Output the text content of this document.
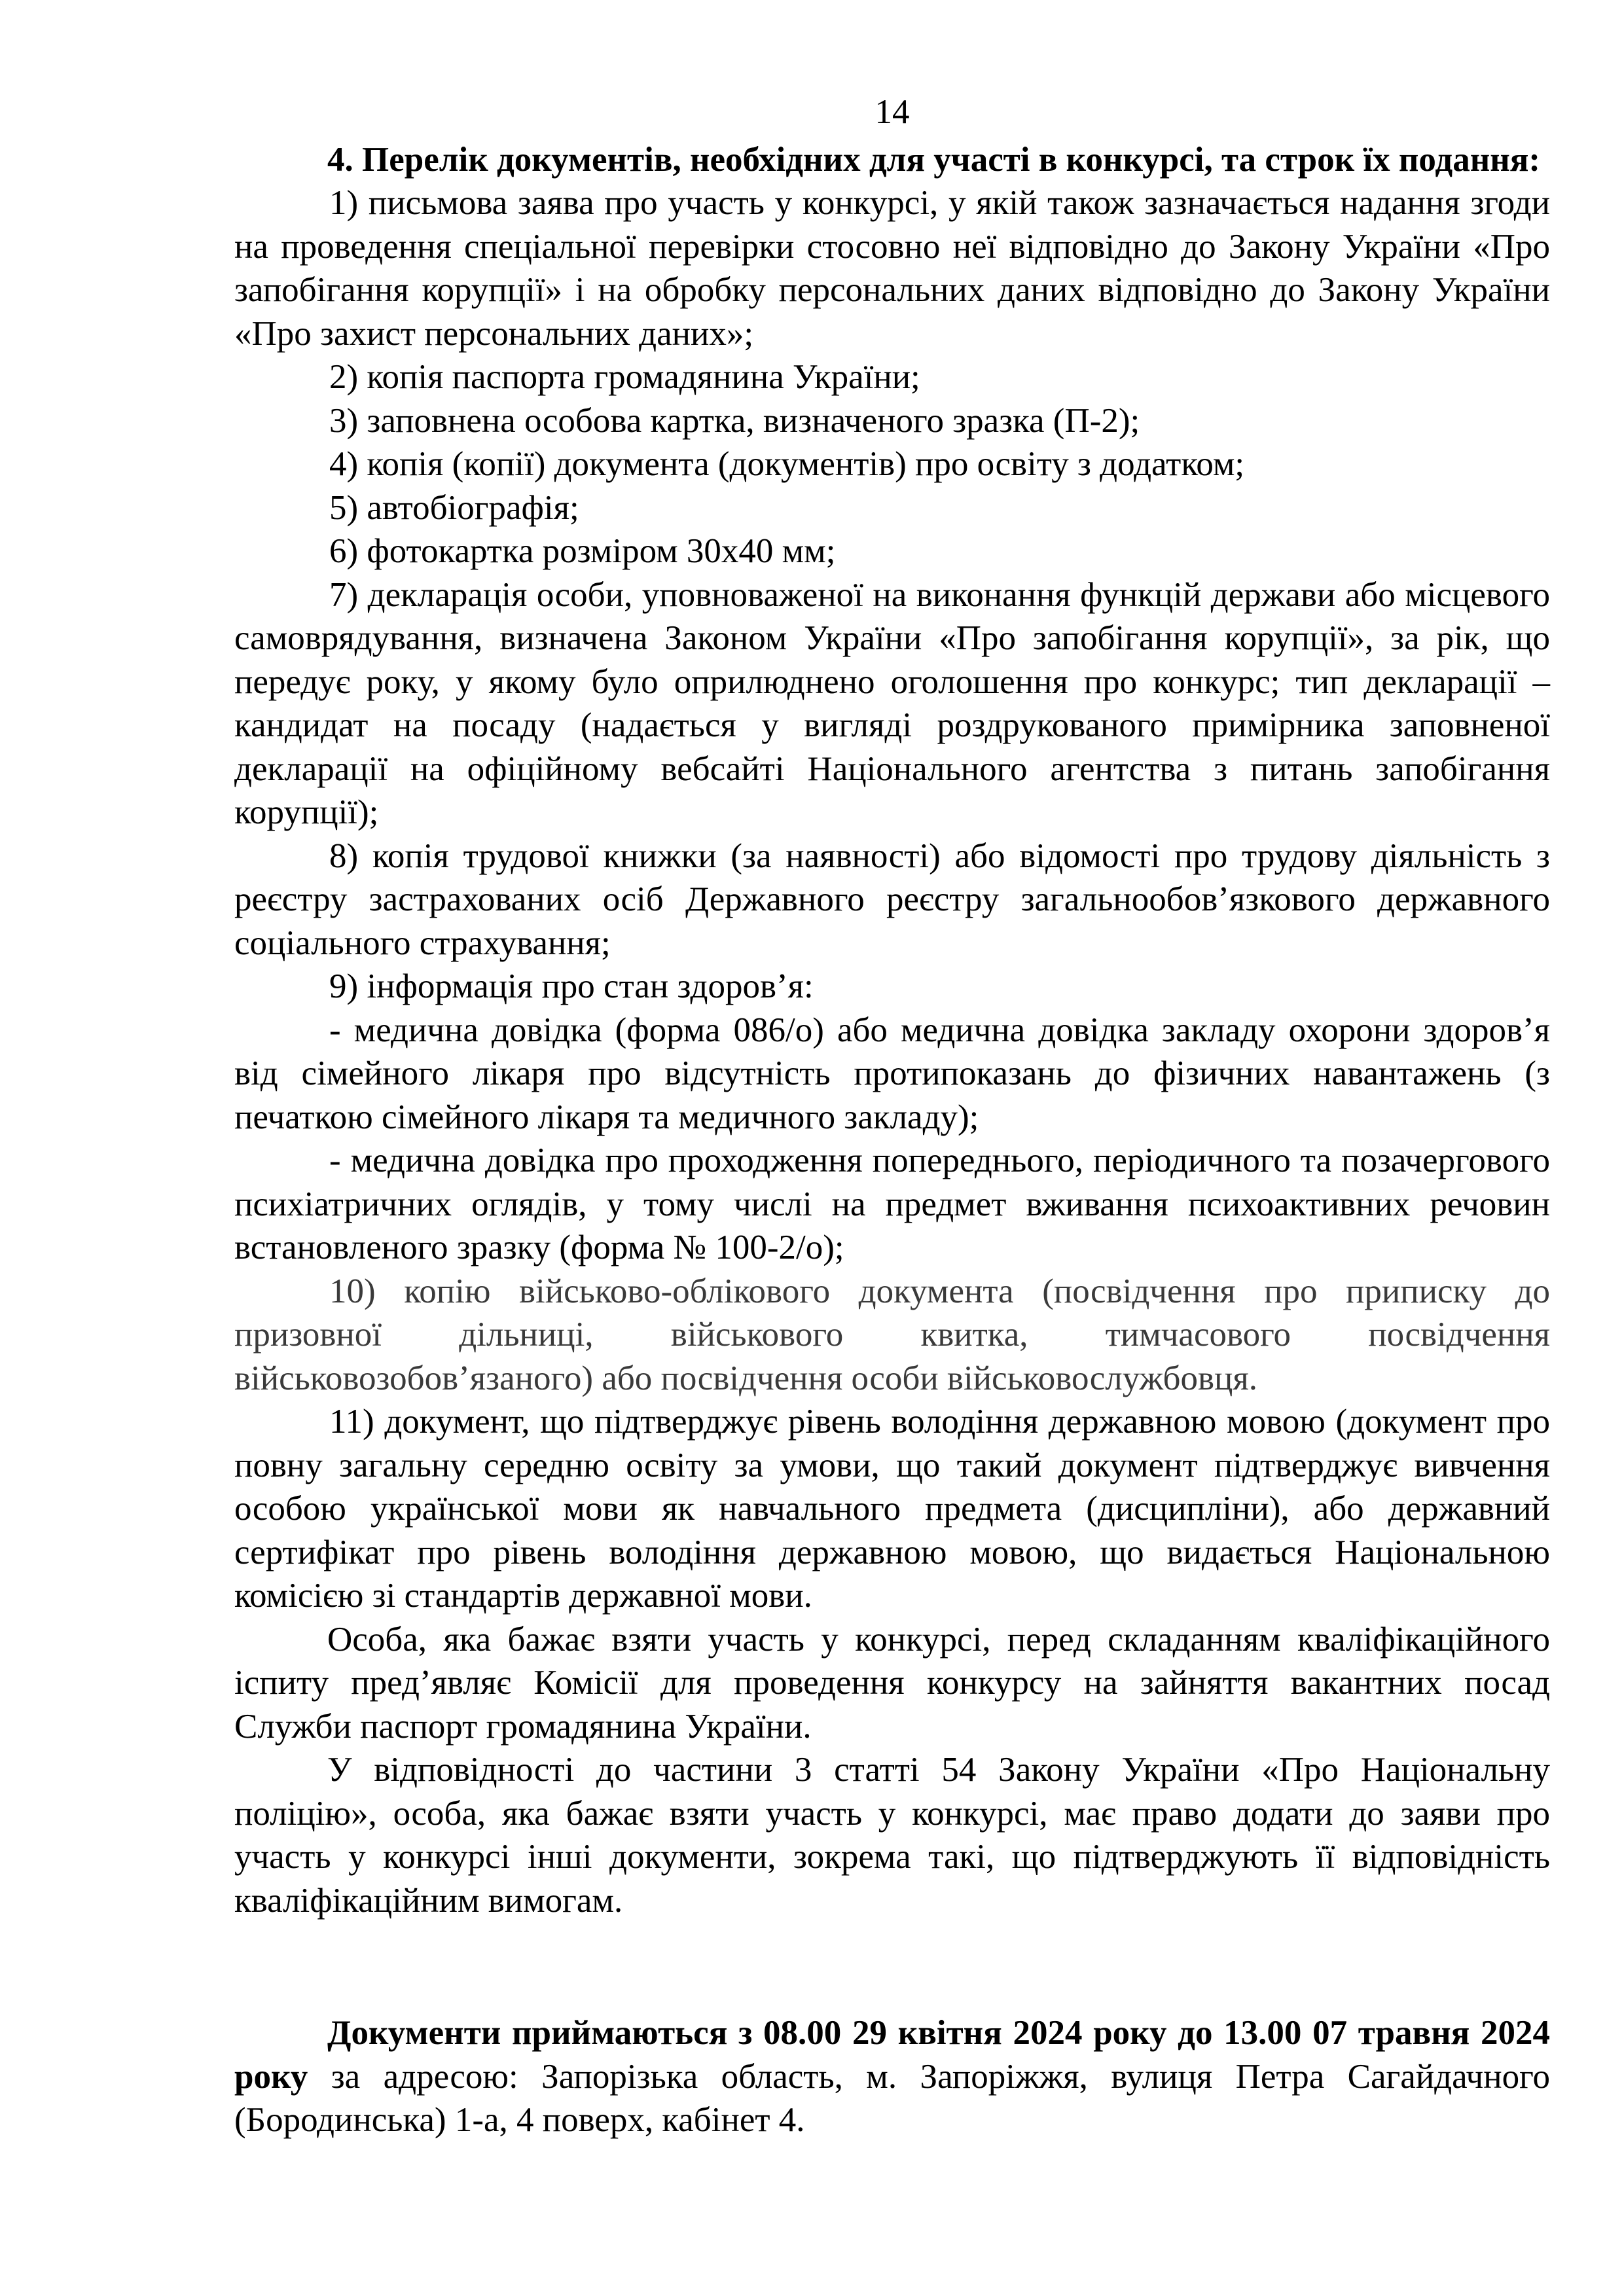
14

4. Перелік документів, необхідних для участі в конкурсі, та строк їх подання:

1) письмова заява про участь у конкурсі, у якій також зазначається надання згоди на проведення спеціальної перевірки стосовно неї відповідно до Закону України «Про запобігання корупції» і на обробку персональних даних відповідно до Закону України «Про захист персональних даних»;

2) копія паспорта громадянина України;

3) заповнена особова картка, визначеного зразка (П-2);

4) копія (копії) документа (документів) про освіту з додатком;

5) автобіографія;

6) фотокартка розміром 30х40 мм;

7) декларація особи, уповноваженої на виконання функцій держави або місцевого самоврядування, визначена Законом України «Про запобігання корупції», за рік, що передує року, у якому було оприлюднено оголошення про конкурс; тип декларації – кандидат на посаду (надається у вигляді роздрукованого примірника заповненої декларації на офіційному вебсайті Національного агентства з питань запобігання корупції);

8) копія трудової книжки (за наявності) або відомості про трудову діяльність з реєстру застрахованих осіб Державного реєстру загальнообов’язкового державного соціального страхування;

9) інформація про стан здоров’я:

- медична довідка (форма 086/о) або медична довідка закладу охорони здоров’я від сімейного лікаря про відсутність протипоказань до фізичних навантажень (з печаткою сімейного лікаря та медичного закладу);

- медична довідка про проходження попереднього, періодичного та позачергового психіатричних оглядів, у тому числі на предмет вживання психоактивних речовин встановленого зразку (форма № 100-2/о);

10) копію військово-облікового документа (посвідчення про приписку до призовної дільниці, військового квитка, тимчасового посвідчення військовозобов’язаного) або посвідчення особи військовослужбовця.

11) документ, що підтверджує рівень володіння державною мовою (документ про повну загальну середню освіту за умови, що такий документ підтверджує вивчення особою української мови як навчального предмета (дисципліни), або державний сертифікат про рівень володіння державною мовою, що видається Національною комісією зі стандартів державної мови.

Особа, яка бажає взяти участь у конкурсі, перед складанням кваліфікаційного іспиту пред’являє Комісії для проведення конкурсу на зайняття вакантних посад Служби паспорт громадянина України.

У відповідності до частини 3 статті 54 Закону України «Про Національну поліцію», особа, яка бажає взяти участь у конкурсі, має право додати до заяви про участь у конкурсі інші документи, зокрема такі, що підтверджують її відповідність кваліфікаційним вимогам.

Документи приймаються з 08.00 29 квітня 2024 року до 13.00 07 травня 2024 року за адресою: Запорізька область, м. Запоріжжя, вулиця Петра Сагайдачного (Бородинська) 1-а, 4 поверх, кабінет 4.
